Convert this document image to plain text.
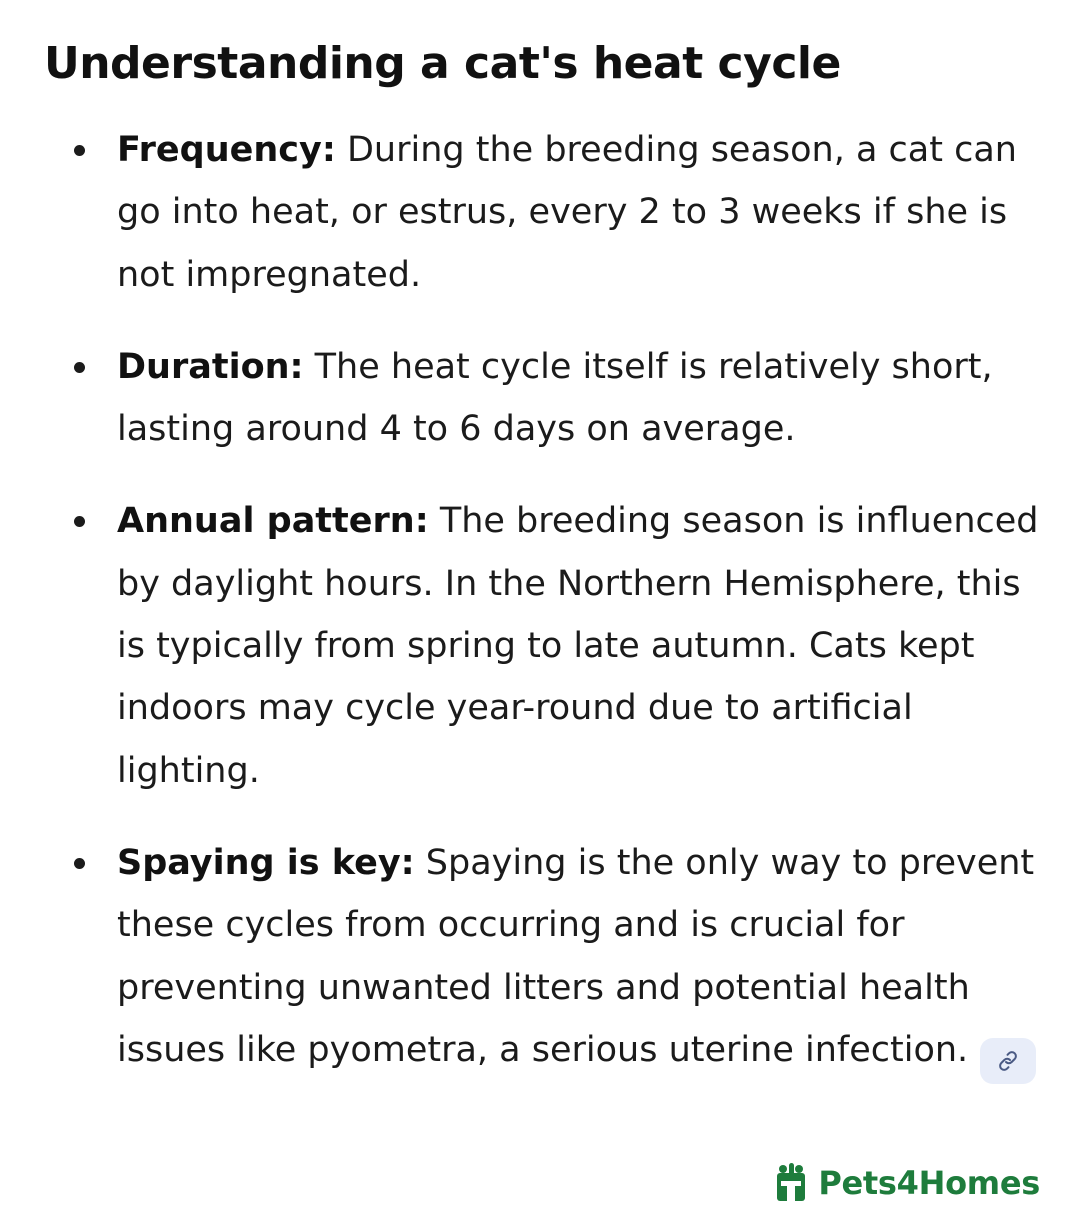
Understanding a cat's heat cycle
Frequency: During the breeding season, a cat can go into heat, or estrus, every 2 to 3 weeks if she is not impregnated.
Duration: The heat cycle itself is relatively short, lasting around 4 to 6 days on average.
Annual pattern: The breeding season is influenced by daylight hours. In the Northern Hemisphere, this is typically from spring to late autumn. Cats kept indoors may cycle year-round due to artificial lighting.
Spaying is key: Spaying is the only way to prevent these cycles from occurring and is crucial for preventing unwanted litters and potential health issues like pyometra, a serious uterine infection.
Pets4Homes
